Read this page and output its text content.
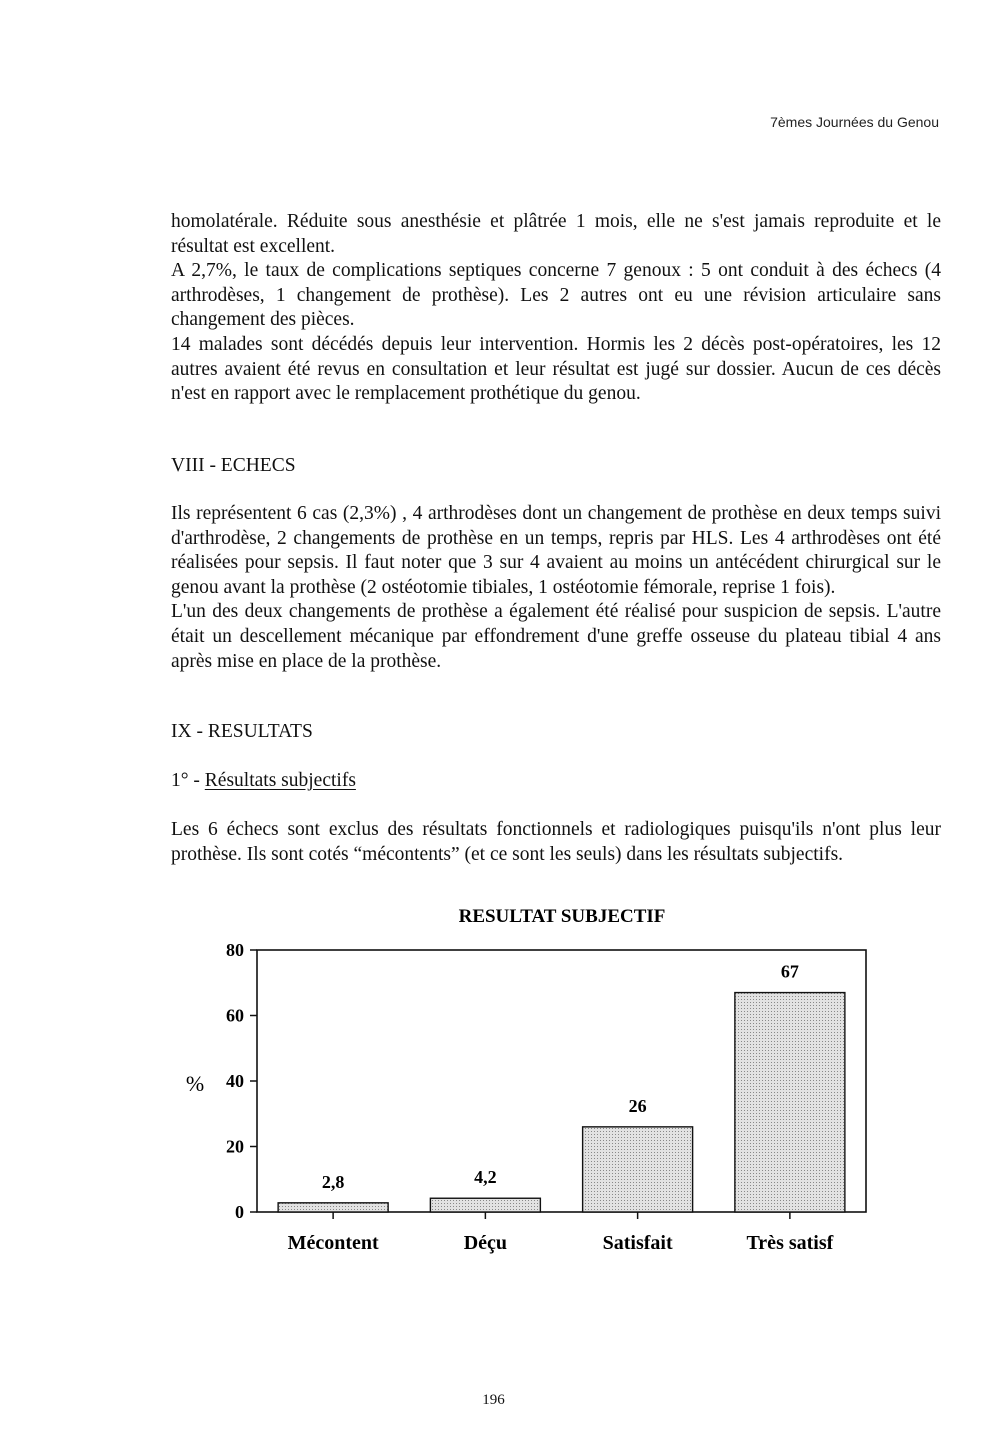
7èmes Journées du Genou

homolatérale. Réduite sous anesthésie et plâtrée 1 mois, elle ne s'est jamais reproduite et le résultat est excellent.

A 2,7%, le taux de complications septiques concerne 7 genoux : 5 ont conduit à des échecs (4 arthrodèses, 1 changement de prothèse). Les 2 autres ont eu une révision articulaire sans changement des pièces.

14 malades sont décédés depuis leur intervention. Hormis les 2 décès post-opératoires, les 12 autres avaient été revus en consultation et leur résultat est jugé sur dossier. Aucun de ces décès n'est en rapport avec le remplacement prothétique du genou.

VIII - ECHECS

Ils représentent 6 cas (2,3%) , 4 arthrodèses dont un changement de prothèse en deux temps suivi d'arthrodèse, 2 changements de prothèse en un temps, repris par HLS. Les 4 arthrodèses ont été réalisées pour sepsis. Il faut noter que 3 sur 4 avaient au moins un antécédent chirurgical sur le genou avant la prothèse (2 ostéotomie tibiales, 1 ostéotomie fémorale, reprise 1 fois).

L'un des deux changements de prothèse a également été réalisé pour suspicion de sepsis. L'autre était un descellement mécanique par effondrement d'une greffe osseuse du plateau tibial 4 ans après mise en place de la prothèse.

IX - RESULTATS
1° - Résultats subjectifs

Les 6 échecs sont exclus des résultats fonctionnels et radiologiques puisqu'ils n'ont plus leur prothèse. Ils sont cotés “mécontents” (et ce sont les seuls) dans les résultats subjectifs.

RESULTAT SUBJECTIF
%
0
20
40
60
80
2,8	4,2
26
67
Mécontent	Déçu	Satisfait	Très satisf
196
